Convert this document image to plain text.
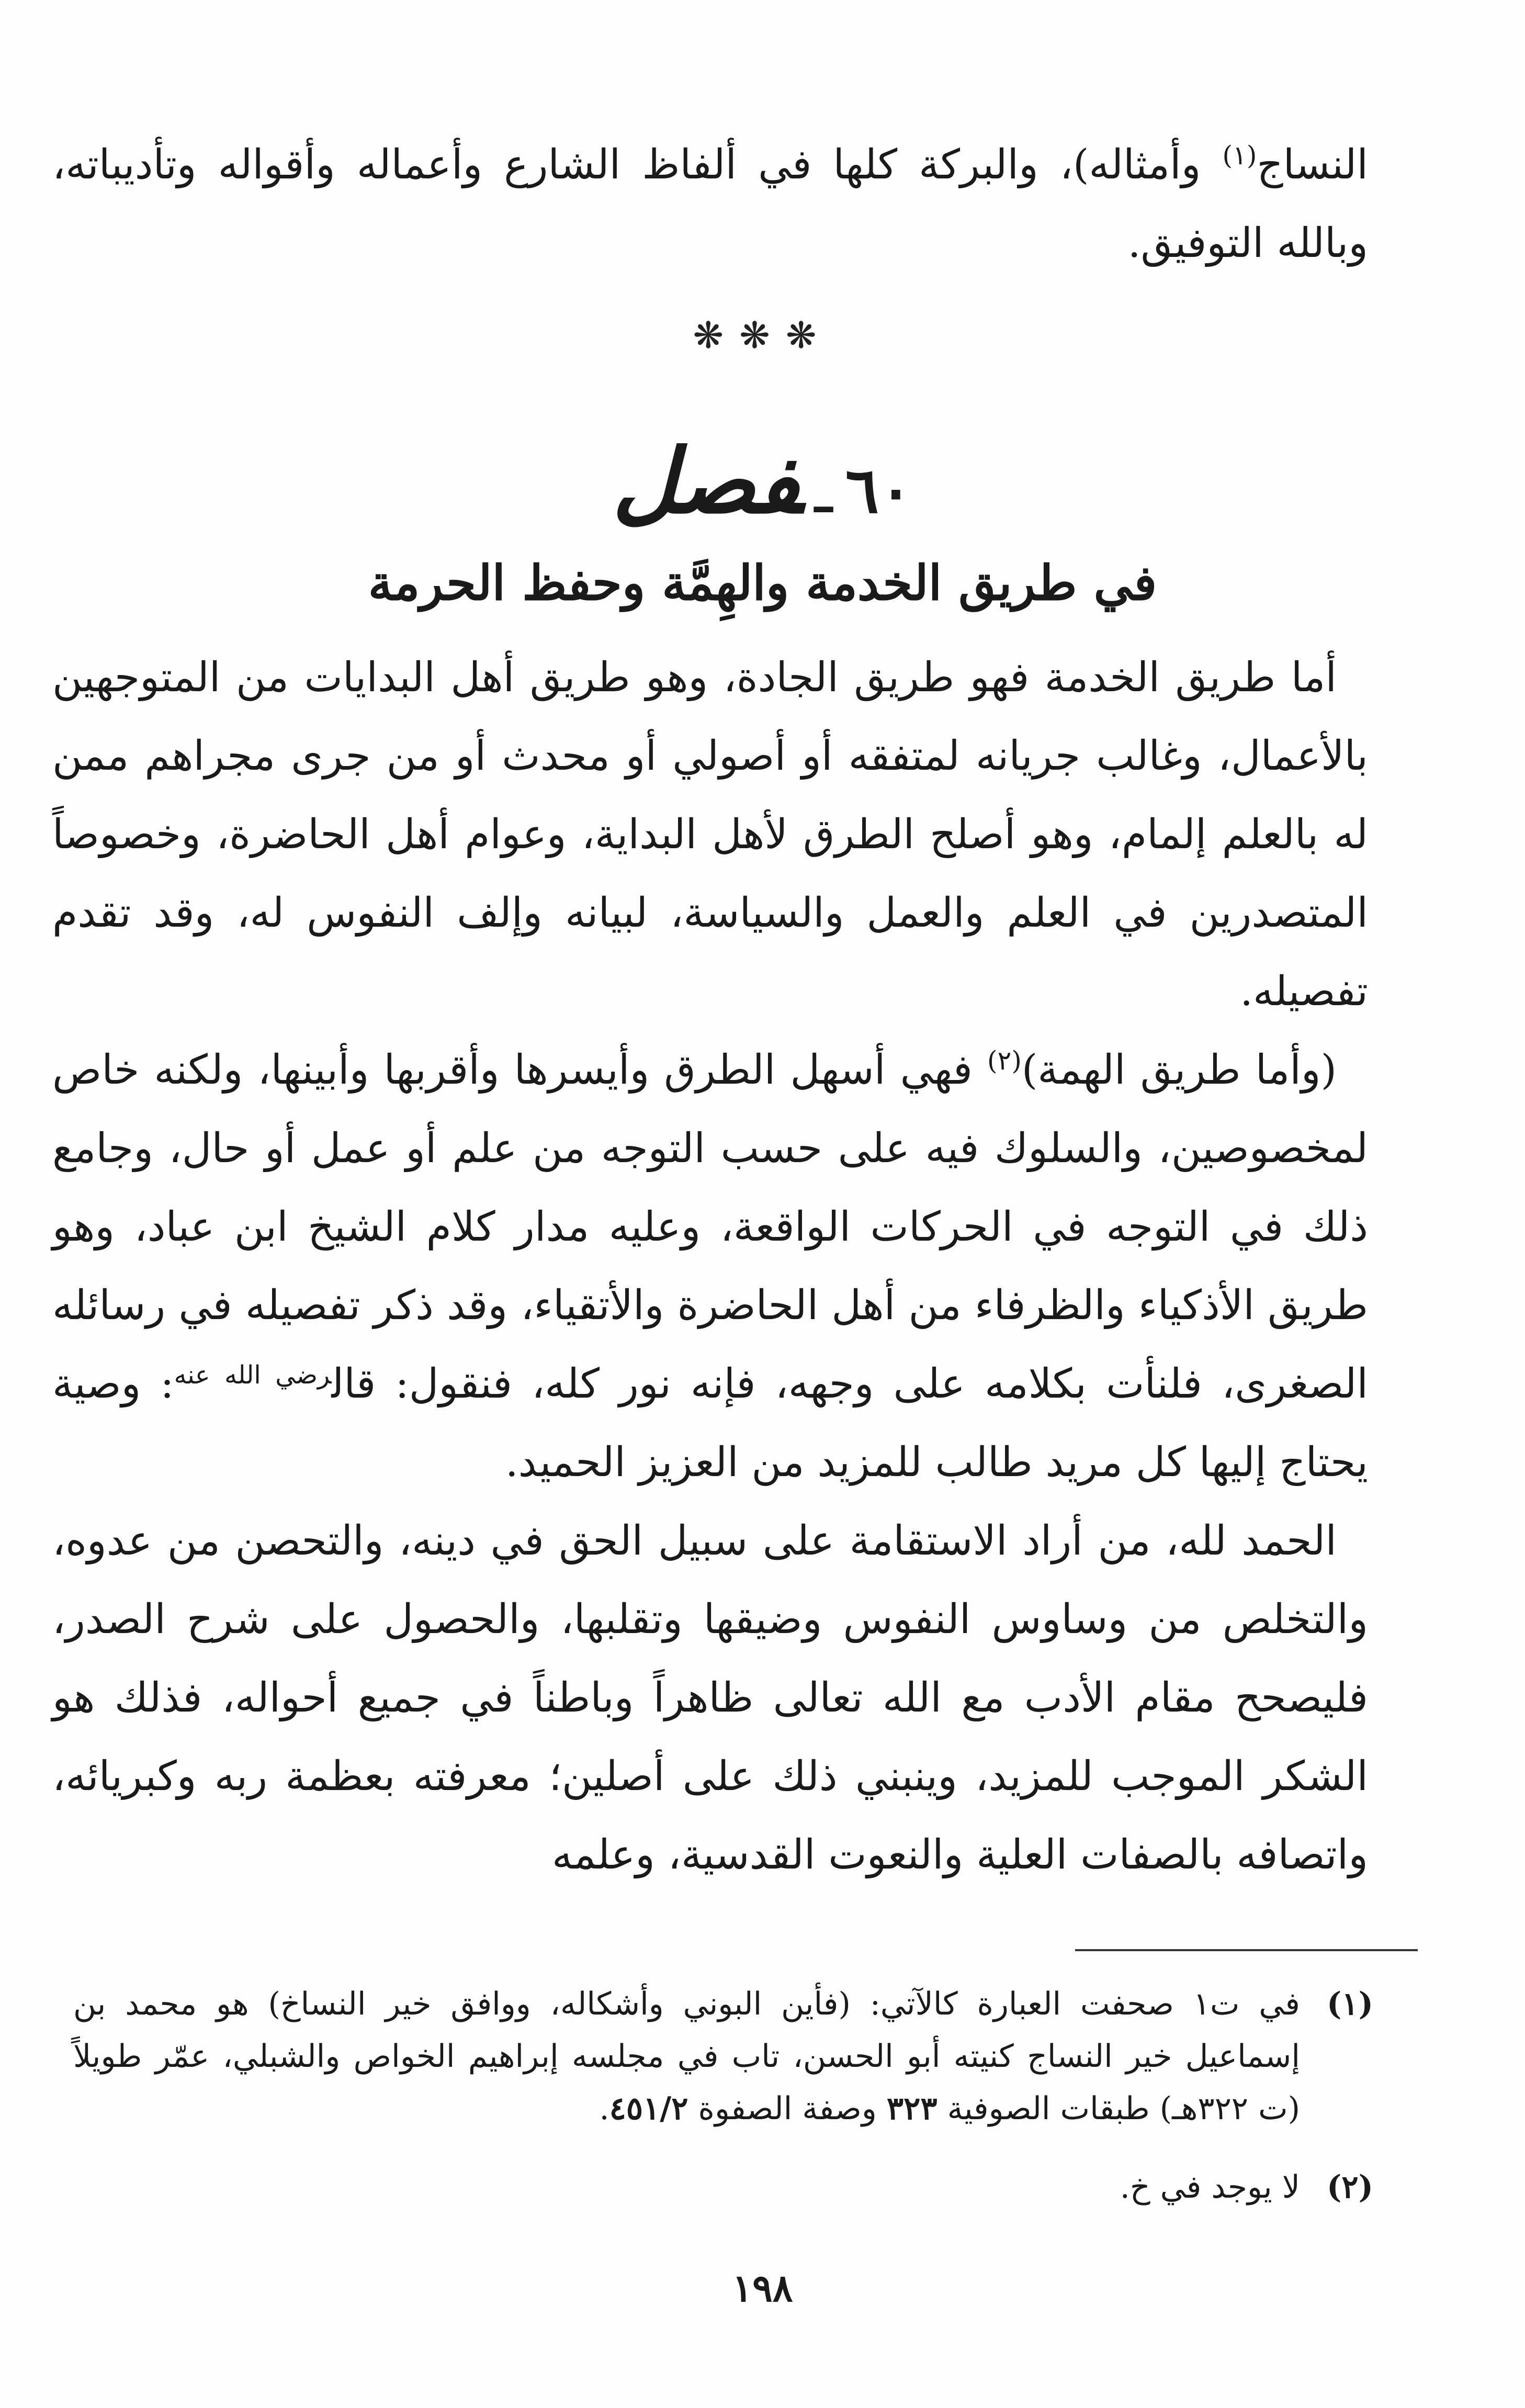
النساج$^{(١)}$ وأمثاله)، والبركة كلها في ألفاظ الشارع وأعماله وأقواله وتأديباته، وبالله التوفيق.
❋❋❋
٦٠ـفصل
في طريق الخدمة والهِمَّة وحفظ الحرمة

أما طريق الخدمة فهو طريق الجادة، وهو طريق أهل البدايات من المتوجهين بالأعمال، وغالب جريانه لمتفقه أو أصولي أو محدث أو من جرى مجراهم ممن له بالعلم إلمام، وهو أصلح الطرق لأهل البداية، وعوام أهل الحاضرة، وخصوصاً المتصدرين في العلم والعمل والسياسة، لبيانه وإلف النفوس له، وقد تقدم تفصيله.

(وأما طريق الهمة)$^{(٢)}$ فهي أسهل الطرق وأيسرها وأقربها وأبينها، ولكنه خاص لمخصوصين، والسلوك فيه على حسب التوجه من علم أو عمل أو حال، وجامع ذلك في التوجه في الحركات الواقعة، وعليه مدار كلام الشيخ ابن عباد، وهو طريق الأذكياء والظرفاء من أهل الحاضرة والأتقياء، وقد ذكر تفصيله في رسائله الصغرى، فلنأت بكلامه على وجهه، فإنه نور كله، فنقول: قال$^{رضي الله عنه}$: وصية يحتاج إليها كل مريد طالب للمزيد من العزيز الحميد.

الحمد لله، من أراد الاستقامة على سبيل الحق في دينه، والتحصن من عدوه، والتخلص من وساوس النفوس وضيقها وتقلبها، والحصول على شرح الصدر، فليصحح مقام الأدب مع الله تعالى ظاهراً وباطناً في جميع أحواله، فذلك هو الشكر الموجب للمزيد، وينبني ذلك على أصلين؛ معرفته بعظمة ربه وكبريائه، واتصافه بالصفات العلية والنعوت القدسية، وعلمه

(١)
في ت١ صحفت العبارة كالآتي: (فأين البوني وأشكاله، ووافق خير النساخ) هو محمد بن إسماعيل خير النساج كنيته أبو الحسن، تاب في مجلسه إبراهيم الخواص والشبلي، عمّر طويلاً (ت ٣٢٢هـ) طبقات الصوفية ٣٢٣ وصفة الصفوة ٤٥١/٢.
(٢)
لا يوجد في خ.
١٩٨
